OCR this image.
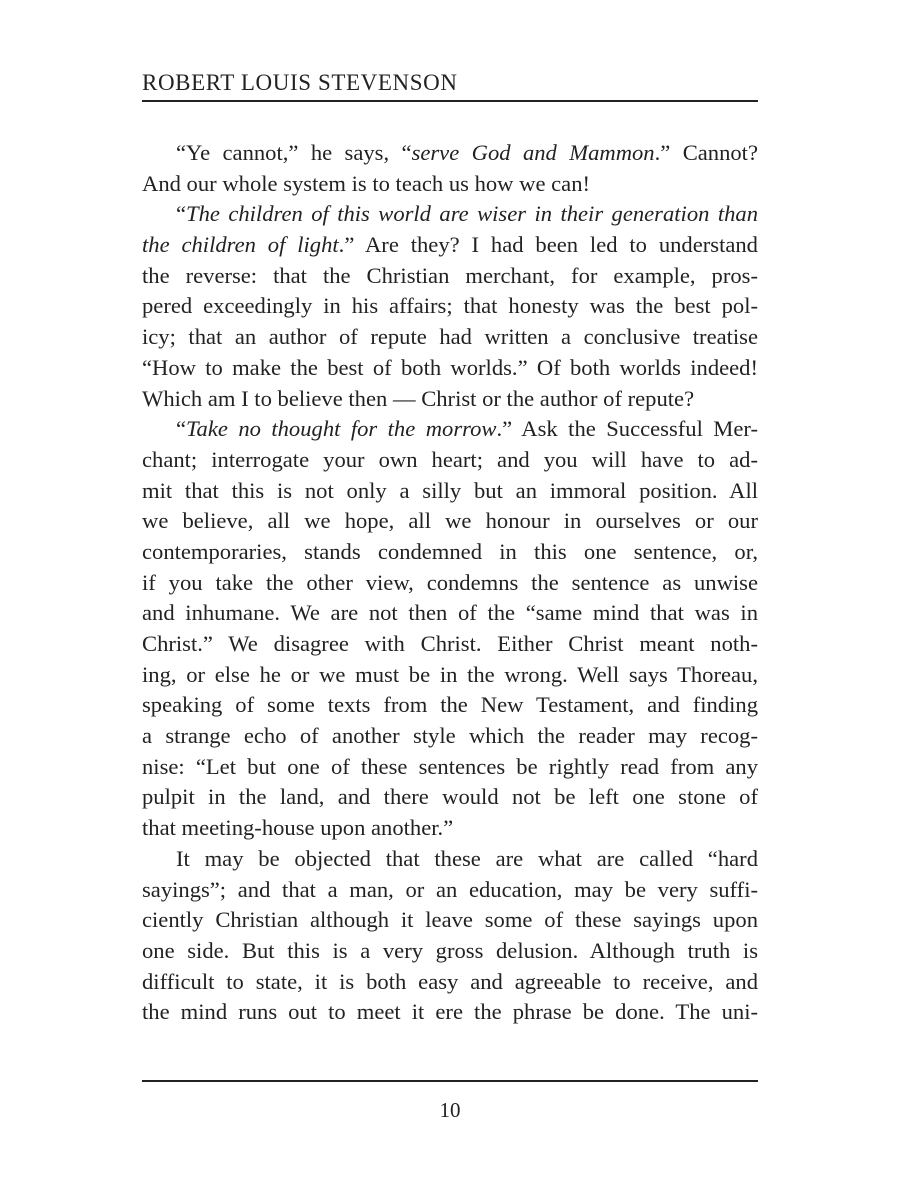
ROBERT LOUIS STEVENSON
“Ye cannot,” he says, “serve God and Mammon.” Cannot?
And our whole system is to teach us how we can!
“The children of this world are wiser in their generation than
the children of light.” Are they? I had been led to understand
the reverse: that the Christian merchant, for example, pros-
pered exceedingly in his affairs; that honesty was the best pol-
icy; that an author of repute had written a conclusive treatise
“How to make the best of both worlds.” Of both worlds indeed!
Which am I to believe then — Christ or the author of repute?
“Take no thought for the morrow.” Ask the Successful Mer-
chant; interrogate your own heart; and you will have to ad-
mit that this is not only a silly but an immoral position. All
we believe, all we hope, all we honour in ourselves or our
contemporaries, stands condemned in this one sentence, or,
if you take the other view, condemns the sentence as unwise
and inhumane. We are not then of the “same mind that was in
Christ.” We disagree with Christ. Either Christ meant noth-
ing, or else he or we must be in the wrong. Well says Thoreau,
speaking of some texts from the New Testament, and finding
a strange echo of another style which the reader may recog-
nise: “Let but one of these sentences be rightly read from any
pulpit in the land, and there would not be left one stone of
that meeting-house upon another.”
It may be objected that these are what are called “hard
sayings”; and that a man, or an education, may be very suffi-
ciently Christian although it leave some of these sayings upon
one side. But this is a very gross delusion. Although truth is
difficult to state, it is both easy and agreeable to receive, and
the mind runs out to meet it ere the phrase be done. The uni-
10
